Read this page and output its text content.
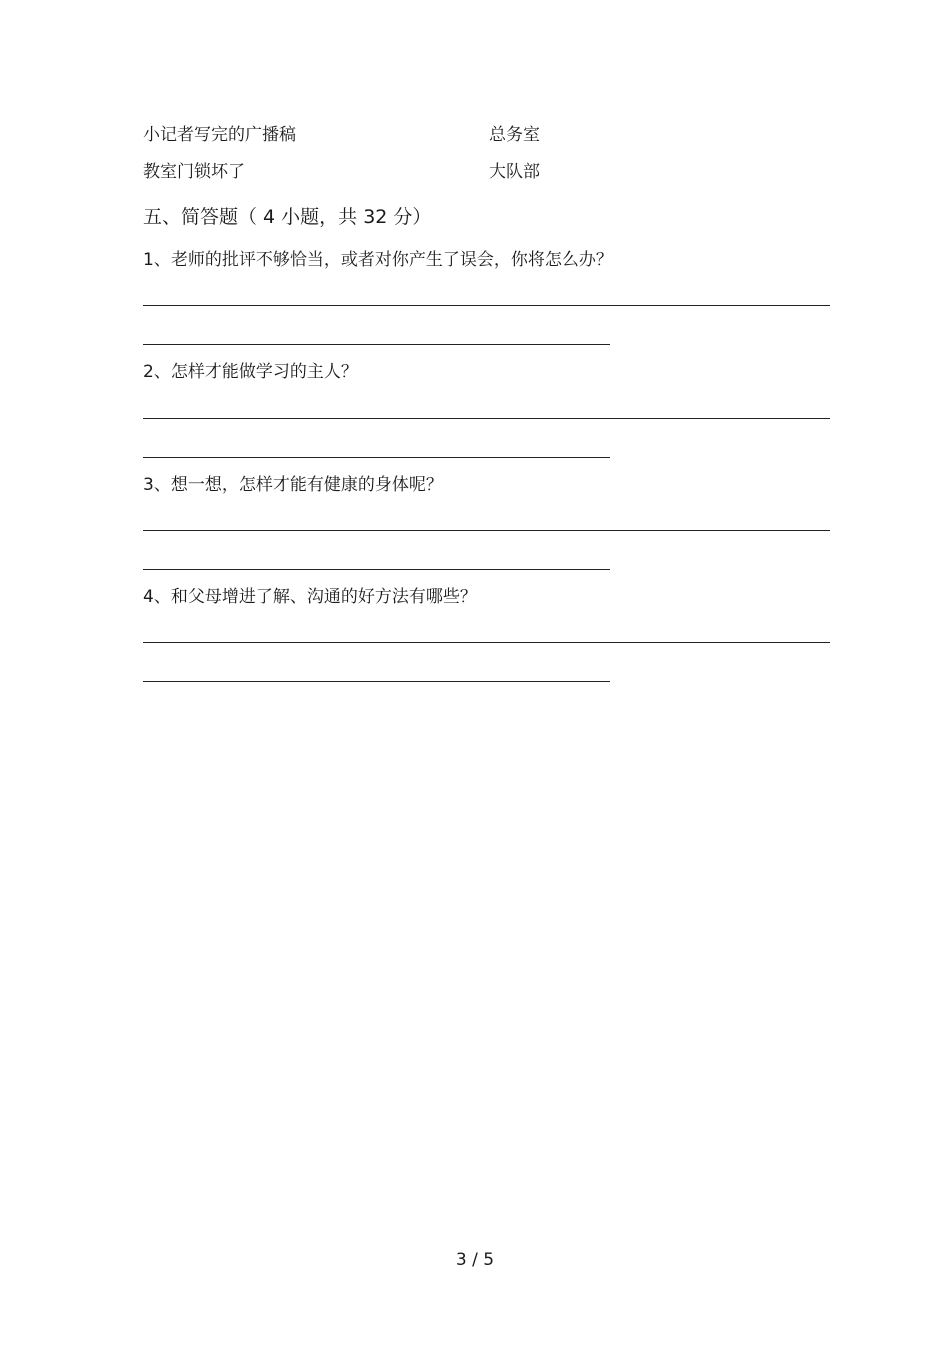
小记者写完的广播稿	总务室
教室门锁坏了	大队部
五、简答题（ 4 小题，共 32 分）
1、老师的批评不够恰当，或者对你产生了误会，你将怎么办？
2、怎样才能做学习的主人？
3、想一想，怎样才能有健康的身体呢？
4、和父母增进了解、沟通的好方法有哪些？
3 / 5
